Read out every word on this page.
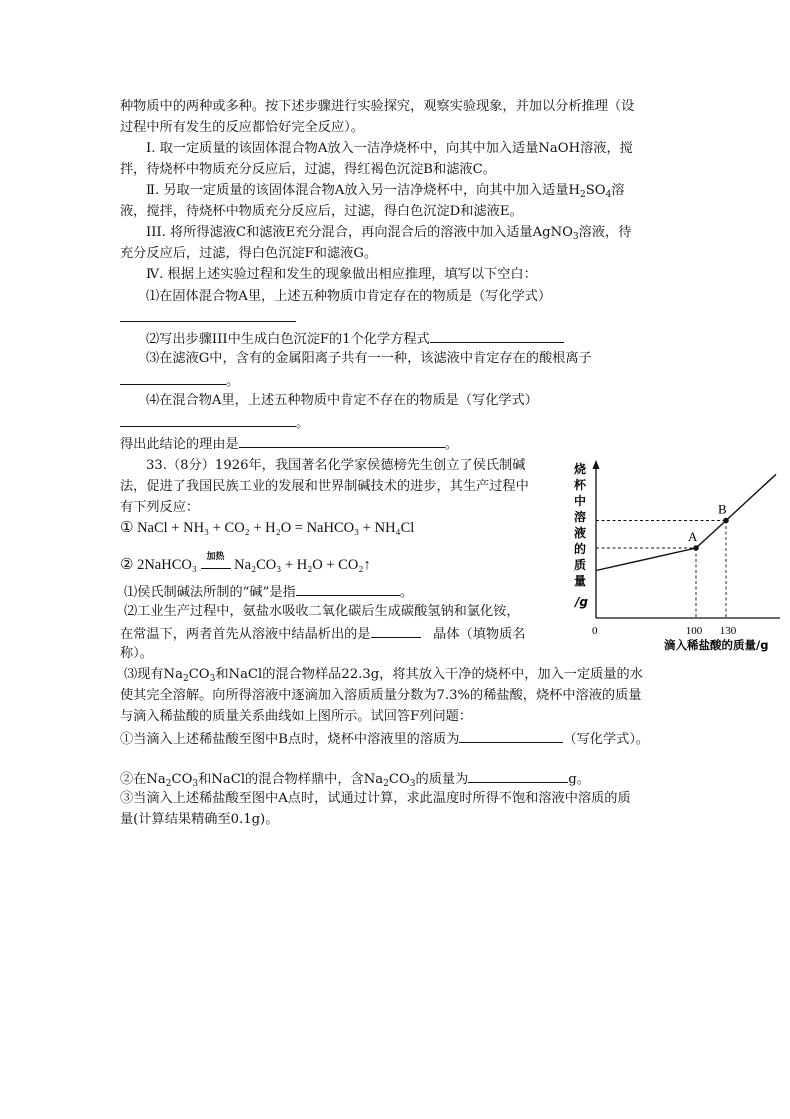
种物质中的两种或多种。按下述步骤进行实验探究，观察实验现象，并加以分析推理（设
过程中所有发生的反应都恰好完全反应）。
Ⅰ. 取一定质量的该固体混合物A放入一洁净烧杯中，向其中加入适量NaOH溶液，搅
拌，待烧杯中物质充分反应后，过滤，得红褐色沉淀B和滤液C。
Ⅱ. 另取一定质量的该固体混合物A放入另一洁净烧杯中，向其中加入适量$H_2SO_4$溶
液，搅拌，待烧杯中物质充分反应后，过滤，得白色沉淀D和滤液E。
III. 将所得滤液C和滤液E充分混合，再向混合后的溶液中加入适量AgNO$_3$溶液，待
充分反应后，过滤，得白色沉淀F和滤液G。
Ⅳ. 根据上述实验过程和发生的现象做出相应推理，填写以下空白：
⑴在固体混合物A里，上述五种物质巾肯定存在的物质是（写化学式）
⑵写出步骤III中生成白色沉淀F的1个化学方程式
⑶在滤液G中，含有的金属阳离子共有一一种，该滤液中肯定存在的酸根离子
。
⑷在混合物A里，上述五种物质中肯定不存在的物质是（写化学式）
。
得出此结论的理由是	。
33.（8分）1926年，我国著名化学家侯德榜先生创立了侯氏制碱
法，促进了我国民族工业的发展和世界制碱技术的进步，其生产过程中
有下列反应：
① NaCl + NH₃ + CO₂ + H₂O = NaHCO₃ + NH₄Cl
② 2NaHCO₃	加热 Na₂CO₃ + H₂O + CO₂↑
⑴侯氏制碱法所制的“碱”是指	。
⑵工业生产过程中，氨盐水吸收二氧化碳后生成碳酸氢钠和氯化铵，
在常温下，两者首先从溶液中结晶析出的是	晶体（填物质名
称）。
⑶现有$Na_2CO_3$和NaCl的混合物样品22.3g，将其放入干净的烧杯中，加入一定质量的水
使其完全溶解。向所得溶液中逐滴加入溶质质量分数为7.3%的稀盐酸，烧杯中溶液的质量
与滴入稀盐酸的质量关系曲线如上图所示。试回答F列问题：
①当滴入上述稀盐酸至图中B点时，烧杯中溶液里的溶质为	（写化学式）。
②在$Na_2CO_3$和NaCl的混合物样鼎中，含$Na_2CO_3$的质量为	g。
③当滴入上述稀盐酸至图中A点时，试通过计算，求此温度时所得不饱和溶液中溶质的质
量(计算结果精确至0.1g)。
烧
杯
中
溶
液
的
质
量
/g
0
A
B
100 130
滴入稀盐酸的质量/g
